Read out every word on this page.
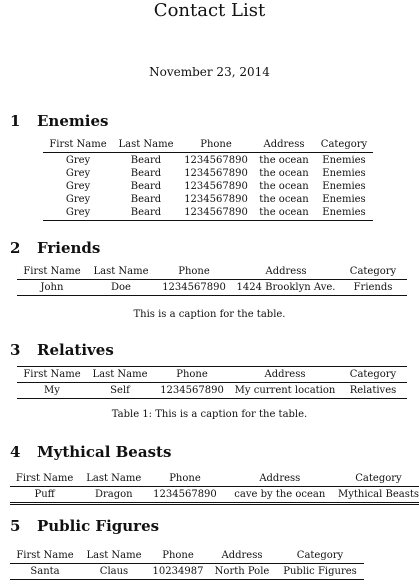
Contact List
November 23, 2014
1 Enemies
First Name	Last Name	Phone	Address	Category
Grey	Beard	1234567890	the ocean	Enemies
Grey	Beard	1234567890	the ocean	Enemies
Grey	Beard	1234567890	the ocean	Enemies
Grey	Beard	1234567890	the ocean	Enemies
Grey	Beard	1234567890	the ocean	Enemies
2 Friends
First Name	Last Name	Phone	Address	Category
John	Doe	1234567890	1424 Brooklyn Ave.	Friends
This is a caption for the table.
3 Relatives
First Name	Last Name	Phone	Address	Category
My	Self	1234567890	My current location	Relatives
Table 1: This is a caption for the table.
4 Mythical Beasts
First Name	Last Name	Phone	Address	Category
Puff	Dragon	1234567890	cave by the ocean	Mythical Beasts
5 Public Figures
First Name	Last Name	Phone	Address	Category
Santa	Claus	10234987	North Pole	Public Figures
